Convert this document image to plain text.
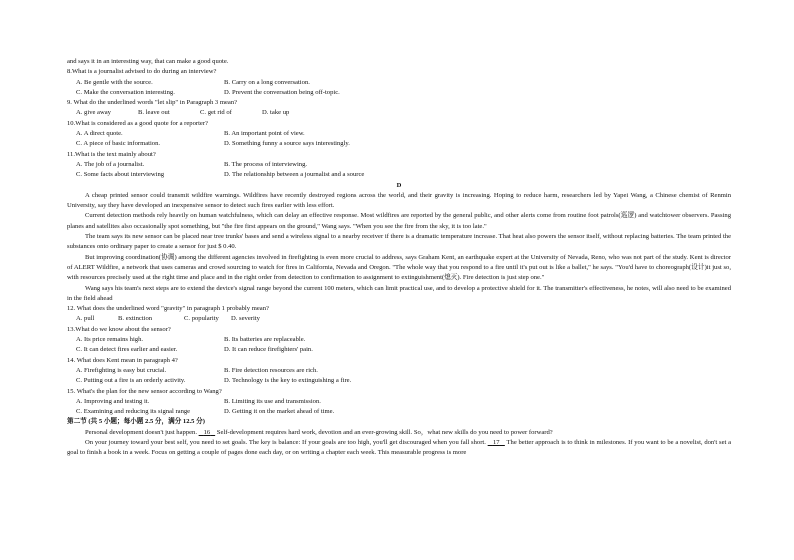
and says it in an interesting way, that can make a good quote.
8.What is a journalist advised to do during an interview?
A. Be gentle with the source.	B. Carry on a long conversation.
C. Make the conversation interesting.	D. Prevent the conversation being off-topic.
9. What do the underlined words "let slip" in Paragraph 3 mean?
A. give away	B. leave out	C. get rid of	D. take up
10.What is considered as a good quote for a reporter?
A. A direct quote.	B. An important point of view.
C. A piece of basic information.	D. Something funny a source says interestingly.
11.What is the text mainly about?
A. The job of a journalist.	B. The process of interviewing.
C. Some facts about interviewing	D. The relationship between a journalist and a source
D
A cheap printed sensor could transmit wildfire warnings. Wildfires have recently destroyed regions across the world, and their gravity is increasing. Hoping to reduce harm, researchers led by Yapei Wang, a Chinese chemist of Renmin University, say they have developed an inexpensive sensor to detect such fires earlier with less effort.
Current detection methods rely heavily on human watchfulness, which can delay an effective response. Most wildfires are reported by the general public, and other alerts come from routine foot patrols(巡逻) and watchtower observers. Passing planes and satellites also occasionally spot something, but "the fire first appears on the ground," Wang says. "When you see the fire from the sky, it is too late."
The team says its new sensor can be placed near tree trunks' bases and send a wireless signal to a nearby receiver if there is a dramatic temperature increase. That heat also powers the sensor itself, without replacing batteries. The team printed the substances onto ordinary paper to create a sensor for just $ 0.40.
But improving coordination(协调) among the different agencies involved in firefighting is even more crucial to address, says Graham Kent, an earthquake expert at the University of Nevada, Reno, who was not part of the study. Kent is director of ALERT Wildfire, a network that uses cameras and crowd sourcing to watch for fires in California, Nevada and Oregon. "The whole way that you respond to a fire until it's put out is like a ballet," he says. "You'd have to choreograph(设计)it just so, with resources precisely used at the right time and place and in the right order from detection to confirmation to assignment to extinguishment(熄灭). Fire detection is just step one."
Wang says his team's next steps are to extend the device's signal range beyond the current 100 meters, which can limit practical use, and to develop a protective shield for it. The transmitter's effectiveness, he notes, will also need to be examined in the field ahead
12. What does the underlined word "gravity" in paragraph 1 probably mean?
A. pull	B. extinction	C. popularity	D. severity
13.What do we know about the sensor?
A. Its price remains high.	B. Its batteries are replaceable.
C. It can detect fires earlier and easier.	D. It can reduce firefighters' pain.
14. What does Kent mean in paragraph 4?
A. Firefighting is easy but crucial.	B. Fire detection resources are rich.
C. Putting out a fire is an orderly activity.	D. Technology is the key to extinguishing a fire.
15. What's the plan for the new sensor according to Wang?
A. Improving and testing it.	B. Limiting its use and transmission.
C. Examining and reducing its signal range	D. Getting it on the market ahead of time.
第二节 (共 5 小题；每小题 2.5 分，满分 12.5 分)
Personal development doesn't just happen. 16 Self-development requires hard work, devotion and an ever-growing skill. So，what new skills do you need to power forward?
On your journey toward your best self, you need to set goals. The key is balance: If your goals are too high, you'll get discouraged when you fall short. 17 The better approach is to think in milestones. If you want to be a novelist, don't set a goal to finish a book in a week. Focus on getting a couple of pages done each day, or on writing a chapter each week. This measurable progress is more
